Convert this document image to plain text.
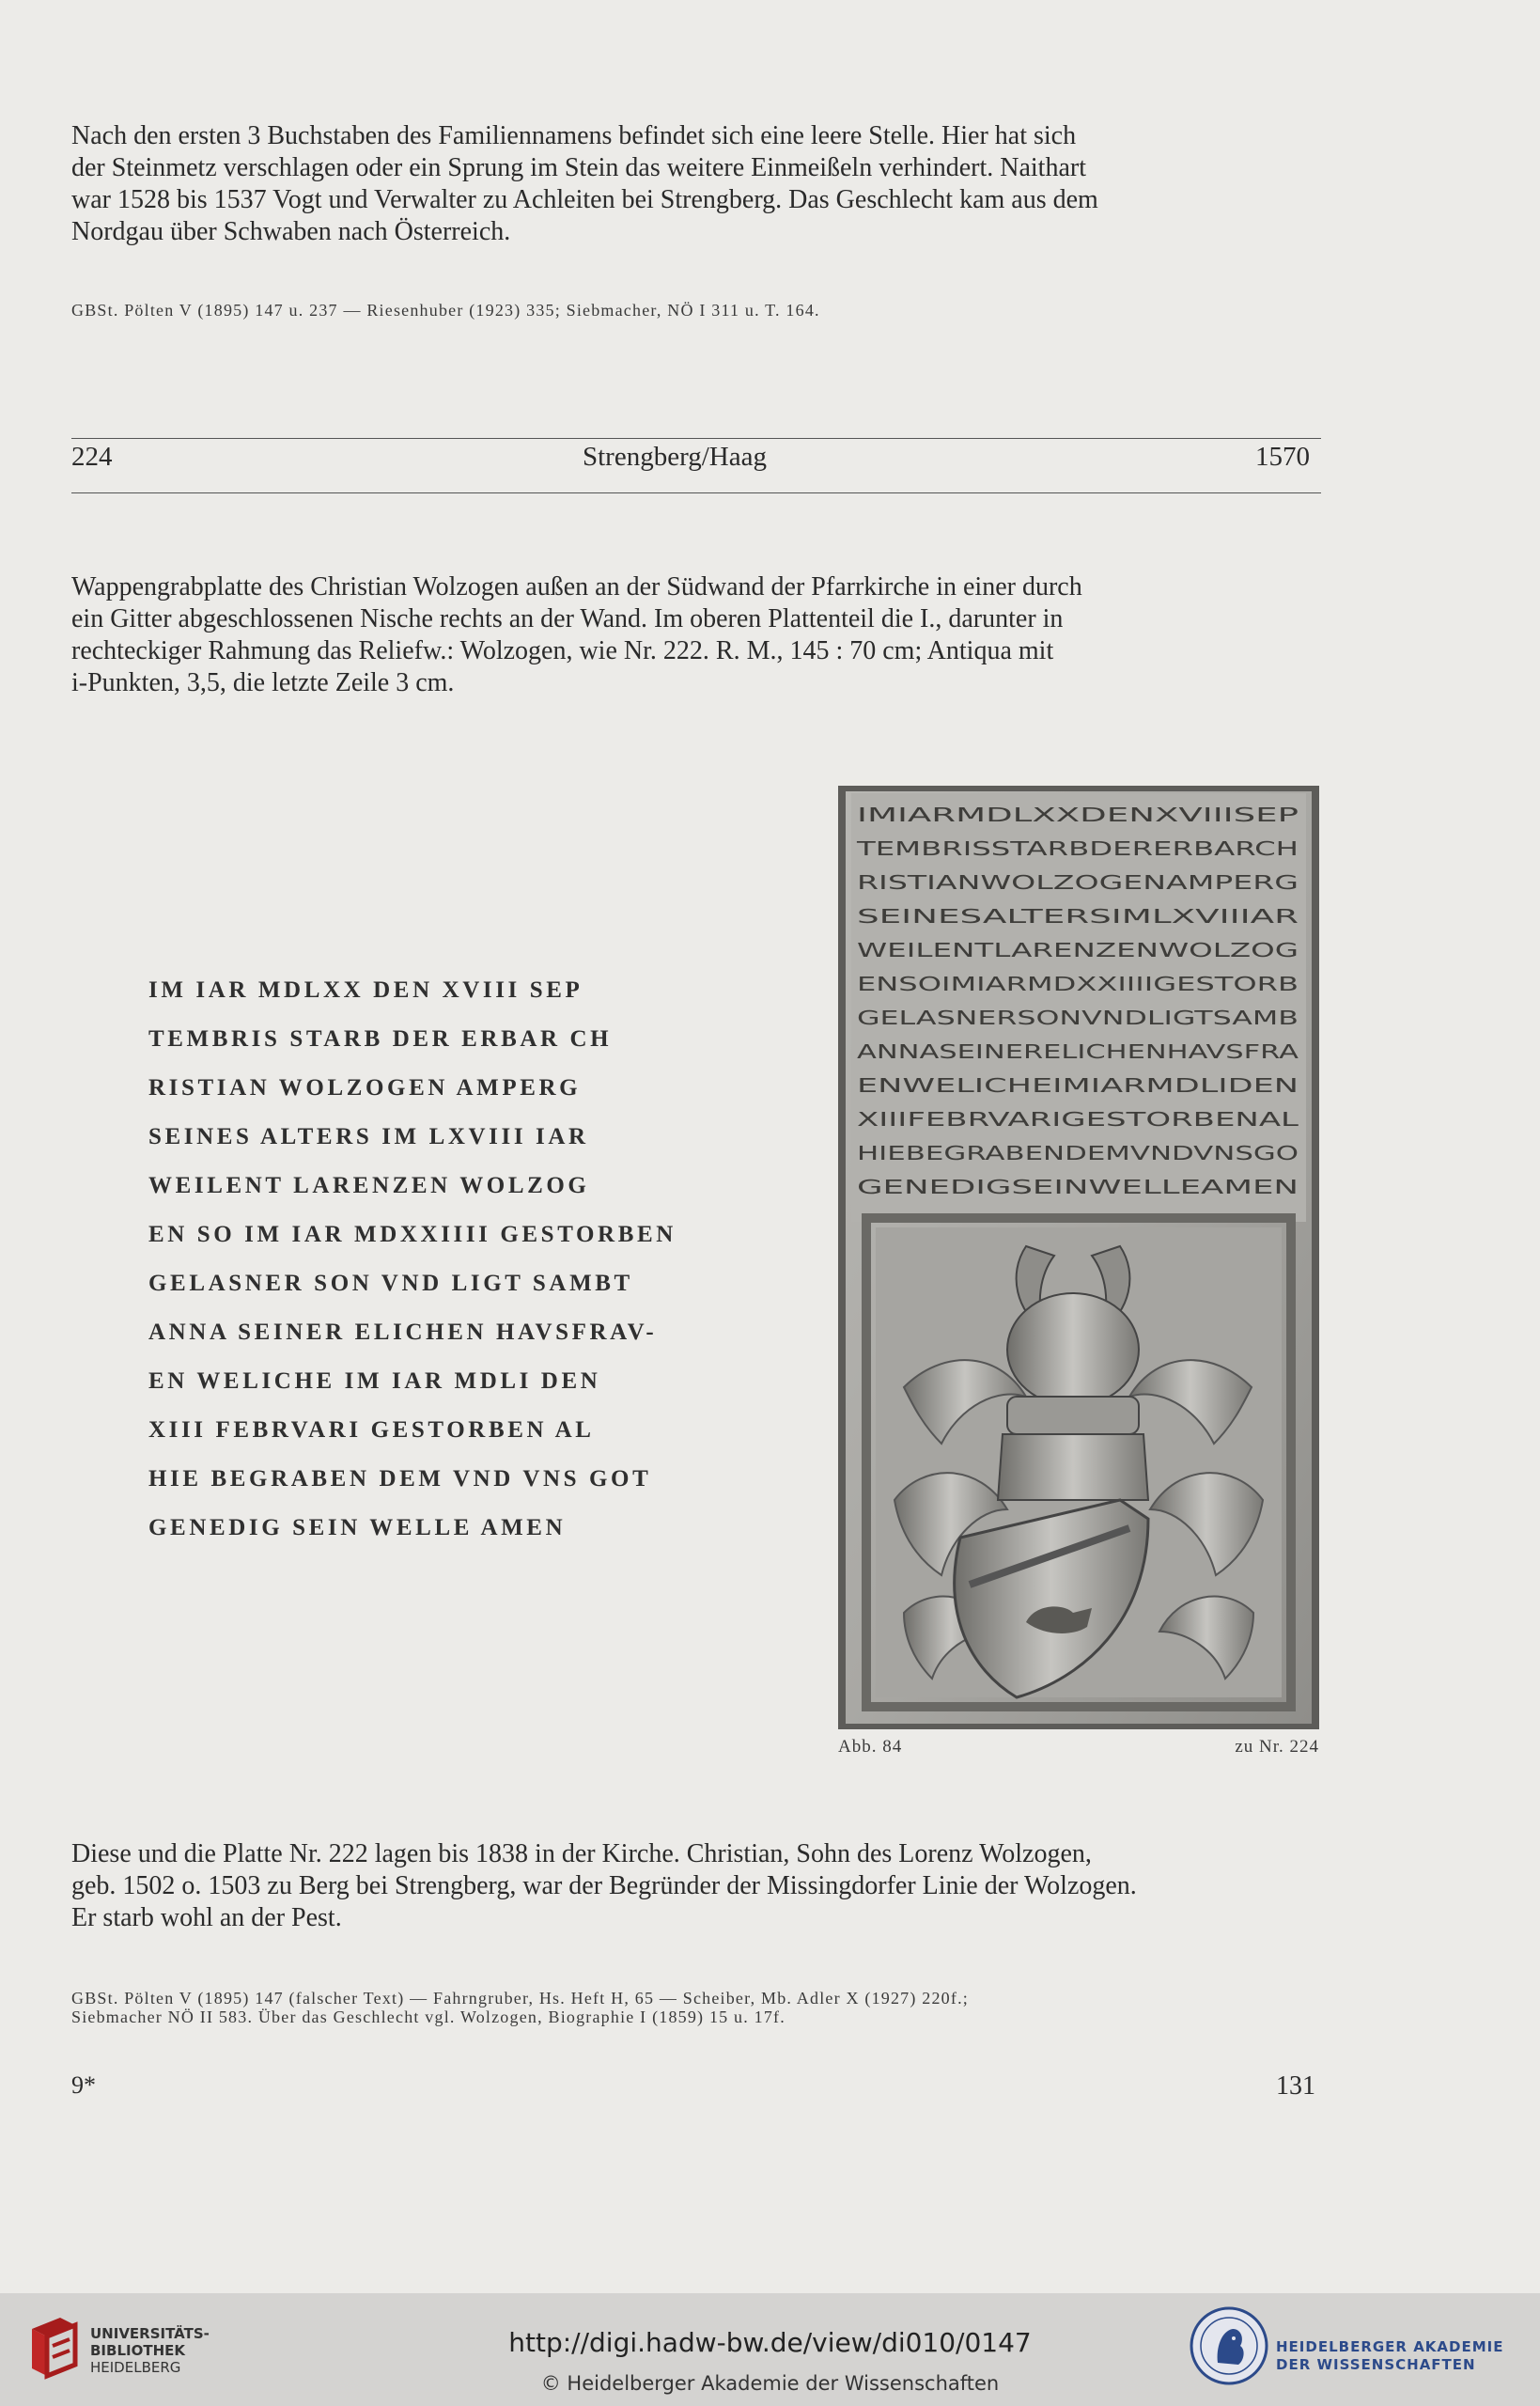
Nach den ersten 3 Buchstaben des Familiennamens befindet sich eine leere Stelle. Hier hat sich
der Steinmetz verschlagen oder ein Sprung im Stein das weitere Einmeißeln verhindert. Naithart
war 1528 bis 1537 Vogt und Verwalter zu Achleiten bei Strengberg. Das Geschlecht kam aus dem
Nordgau über Schwaben nach Österreich.
GBSt. Pölten V (1895) 147 u. 237 — Riesenhuber (1923) 335; Siebmacher, NÖ I 311 u. T. 164.
224	Strengberg/Haag	1570
Wappengrabplatte des Christian Wolzogen außen an der Südwand der Pfarrkirche in einer durch
ein Gitter abgeschlossenen Nische rechts an der Wand. Im oberen Plattenteil die I., darunter in
rechteckiger Rahmung das Reliefw.: Wolzogen, wie Nr. 222. R. M., 145 : 70 cm; Antiqua mit
i-Punkten, 3,5, die letzte Zeile 3 cm.
IM IAR MDLXX DEN XVIII SEP
TEMBRIS STARB DER ERBAR CH
RISTIAN WOLZOGEN AMPERG
SEINES ALTERS IM LXVIII IAR
WEILENT LARENZEN WOLZOG
EN SO IM IAR MDXXIIII GESTORBEN
GELASNER SON VND LIGT SAMBT
ANNA SEINER ELICHEN HAVSFRAV-
EN WELICHE IM IAR MDLI DEN
XIII FEBRVARI GESTORBEN AL
HIE BEGRABEN DEM VND VNS GOT
GENEDIG SEIN WELLE AMEN
IMIARMDLXXDENXVIIISEP
TEMBRISSTARBDERERBARCH
RISTIANWOLZOGENAMPERG
SEINESALTERSIMLXVIIIAR
WEILENTLARENZENWOLZOG
ENSOIMIARMDXXIIIIGESTORB
GELASNERSONVNDLIGTSAMB
ANNASEINERELICHENHAVSFRA
ENWELICHEIMIARMDLIDEN
XIIIFEBRVARIGESTORBENAL
HIEBEGRABENDEMVNDVNSGO
GENEDIGSEINWELLEAMEN
Abb. 84	zu Nr. 224
Diese und die Platte Nr. 222 lagen bis 1838 in der Kirche. Christian, Sohn des Lorenz Wolzogen,
geb. 1502 o. 1503 zu Berg bei Strengberg, war der Begründer der Missingdorfer Linie der Wolzogen.
Er starb wohl an der Pest.
GBSt. Pölten V (1895) 147 (falscher Text) — Fahrngruber, Hs. Heft H, 65 — Scheiber, Mb. Adler X (1927) 220f.;
Siebmacher NÖ II 583. Über das Geschlecht vgl. Wolzogen, Biographie I (1859) 15 u. 17f.
9*	131
UNIVERSITÄTS-
BIBLIOTHEK
HEIDELBERG
http://digi.hadw-bw.de/view/di010/0147
© Heidelberger Akademie der Wissenschaften
HEIDELBERGER AKADEMIE
DER WISSENSCHAFTEN
